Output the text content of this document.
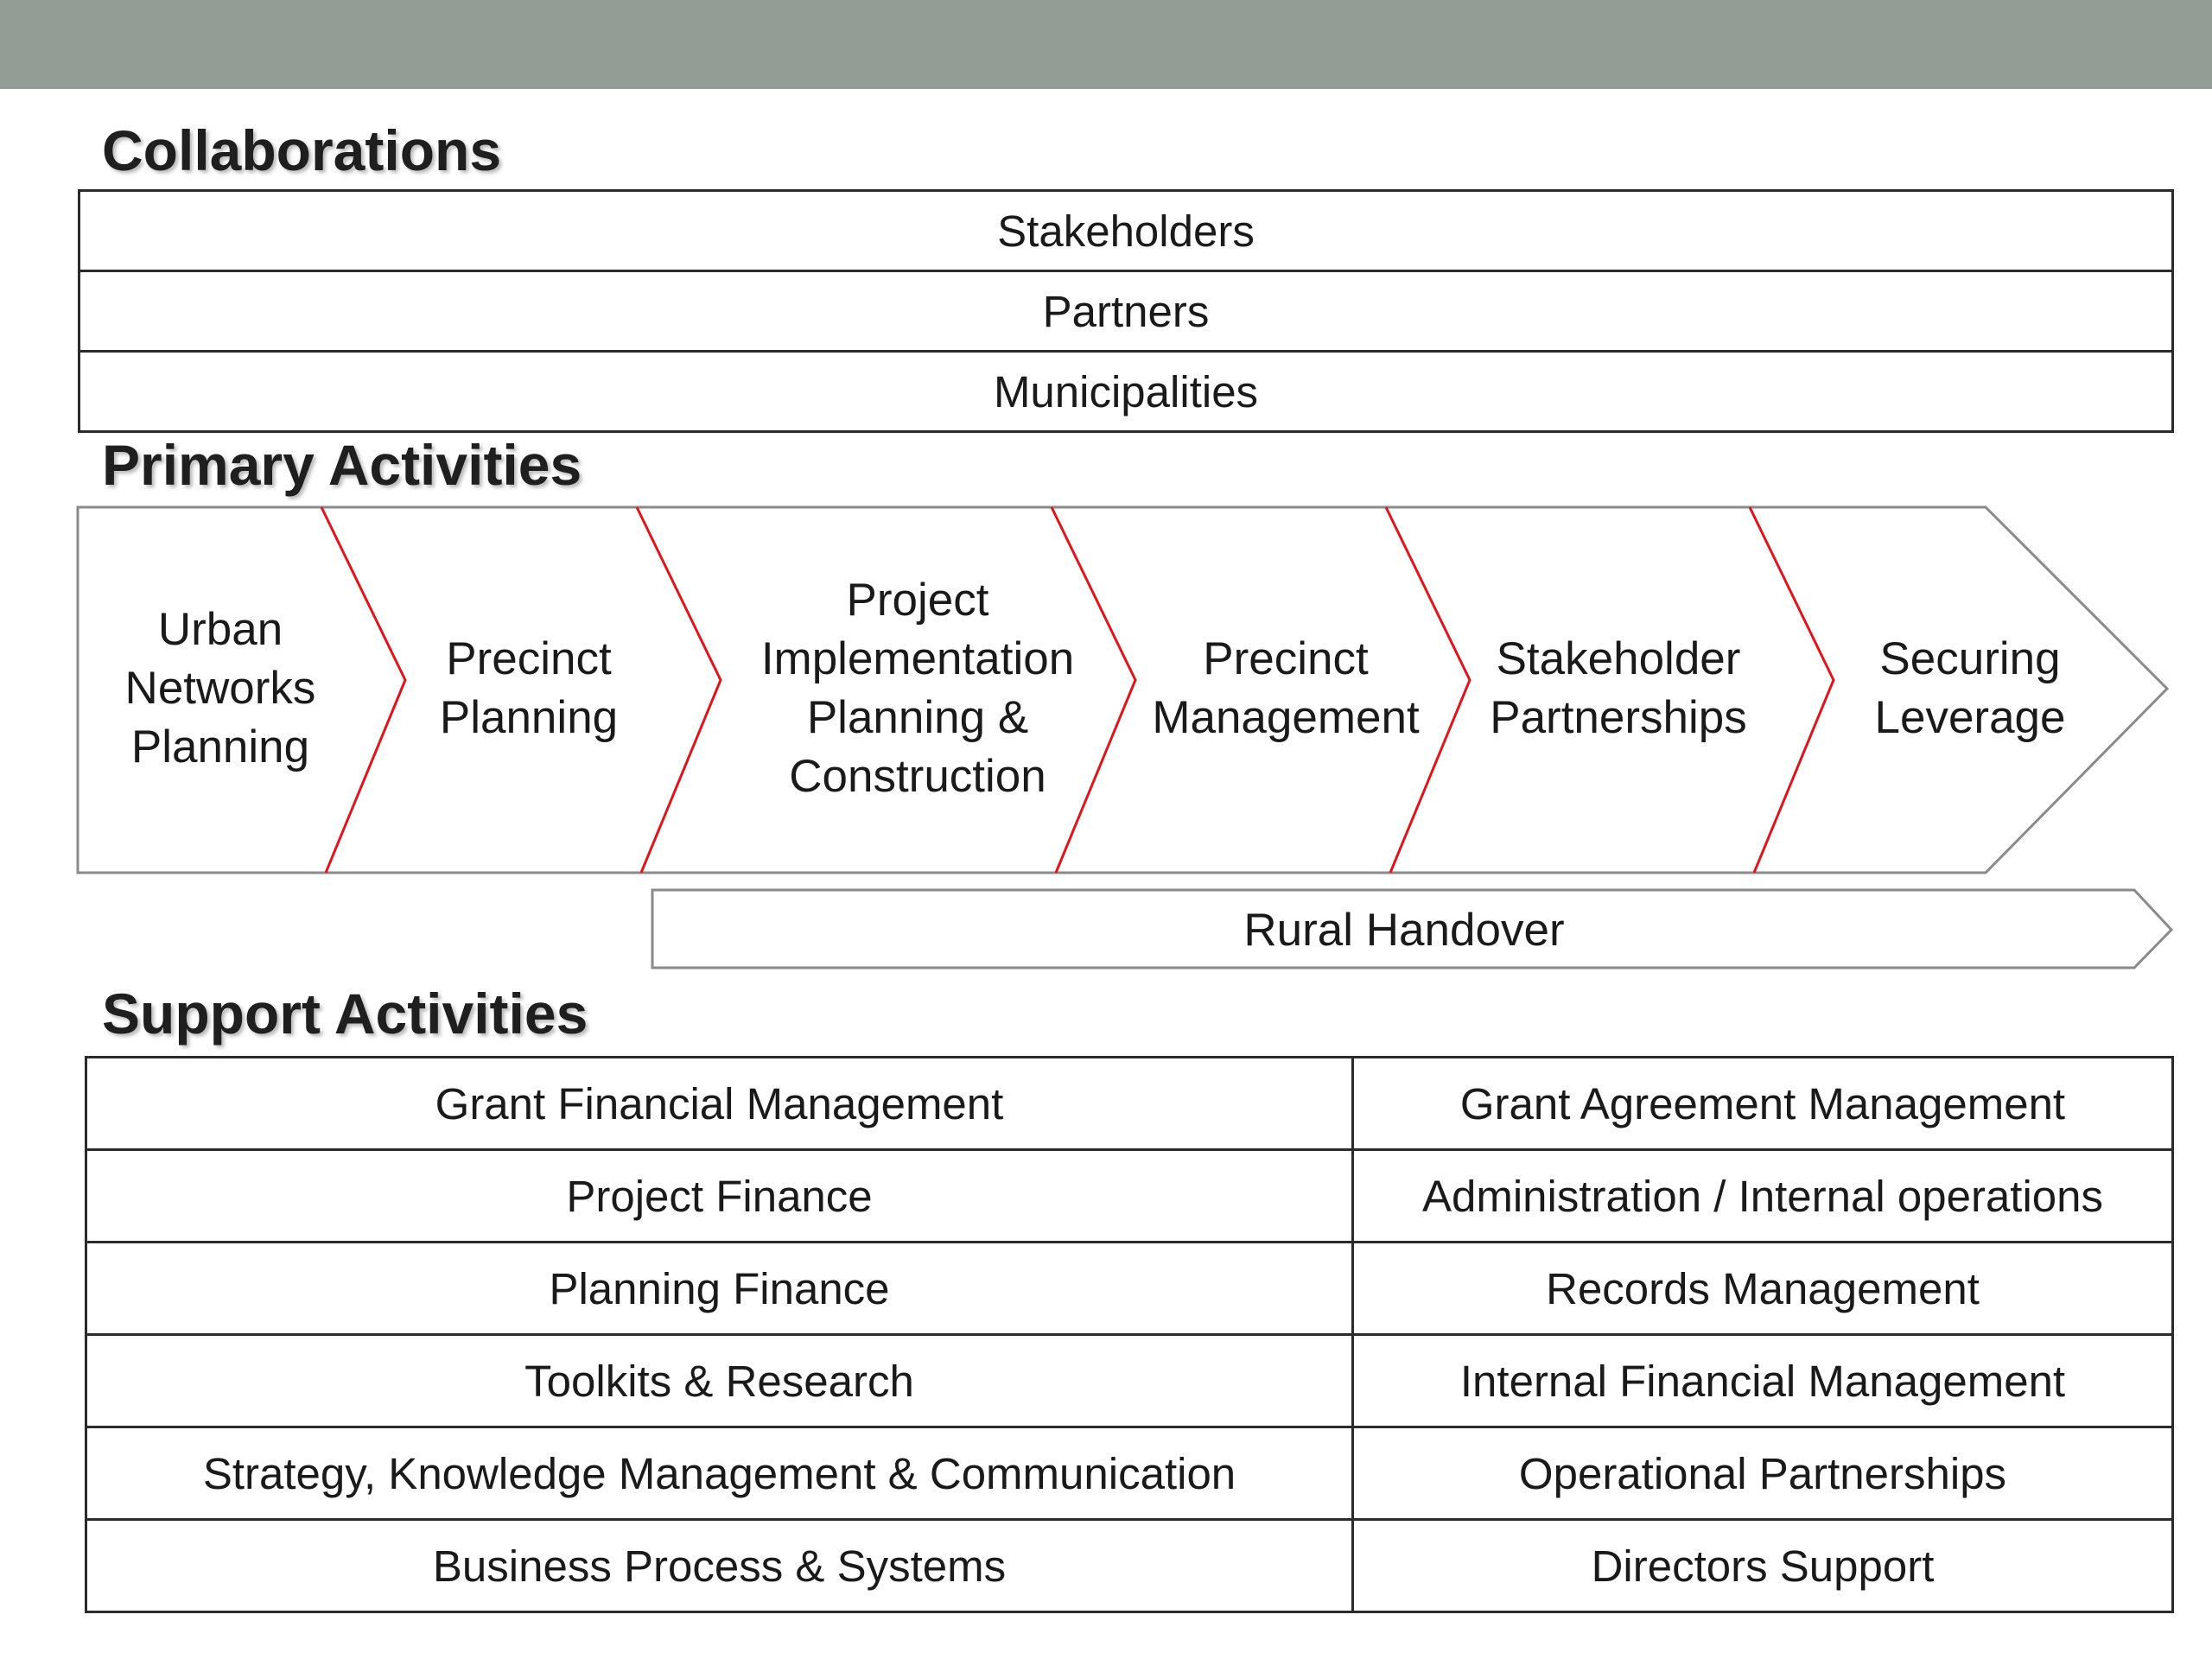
Collaborations
Stakeholders
Partners
Municipalities
Primary Activities
Urban
Networks
Planning
Precinct
Planning
Project
Implementation
Planning &
Construction
Precinct
Management
Stakeholder
Partnerships
Securing
Leverage
Rural Handover
Support Activities
Grant Financial Management	Grant Agreement Management
Project Finance	Administration / Internal operations
Planning Finance	Records Management
Toolkits & Research	Internal Financial Management
Strategy, Knowledge Management & Communication	Operational Partnerships
Business Process & Systems	Directors Support
